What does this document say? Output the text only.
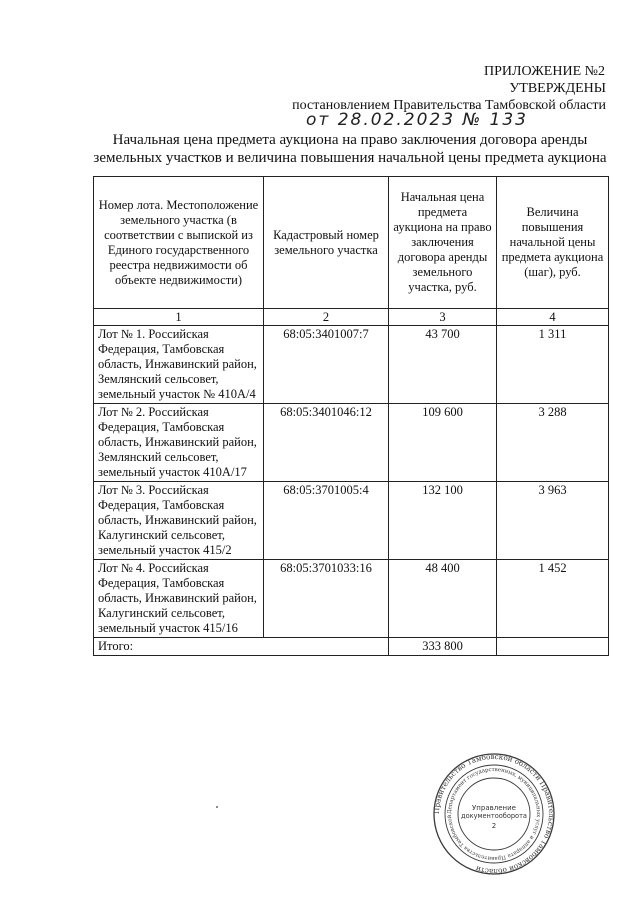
ПРИЛОЖЕНИЕ №2
УТВЕРЖДЕНЫ
постановлением Правительства Тамбовской области
от 28.02.2023 № 133
Начальная цена предмета аукциона на право заключения договора аренды
земельных участков и величина повышения начальной цены предмета аукциона
Номер лота. Местоположение земельного участка (в соответствии с выпиской из Единого государственного реестра недвижимости об объекте недвижимости)	Кадастровый номер земельного участка	Начальная цена предмета аукциона на право заключения договора аренды земельного участка, руб.	Величина повышения начальной цены предмета аукциона (шаг), руб.
1	2	3	4
Лот № 1. Российская Федерация, Тамбовская область, Инжавинский район, Землянский сельсовет, земельный участок № 410А/4	68:05:3401007:7	43 700	1 311
Лот № 2. Российская Федерация, Тамбовская область, Инжавинский район, Землянский сельсовет, земельный участок 410А/17	68:05:3401046:12	109 600	3 288
Лот № 3. Российская Федерация, Тамбовская область, Инжавинский район, Калугинский сельсовет, земельный участок 415/2	68:05:3701005:4	132 100	3 963
Лот № 4. Российская Федерация, Тамбовская область, Инжавинский район, Калугинский сельсовет, земельный участок 415/16	68:05:3701033:16	48 400	1 452
Итого:		333 800	
Правительство Тамбовской области Правительство Тамбовской области
Департамент государственных, муниципальных услуг и аппарата Правительства Тамбовской
Управление
документооборота
2
